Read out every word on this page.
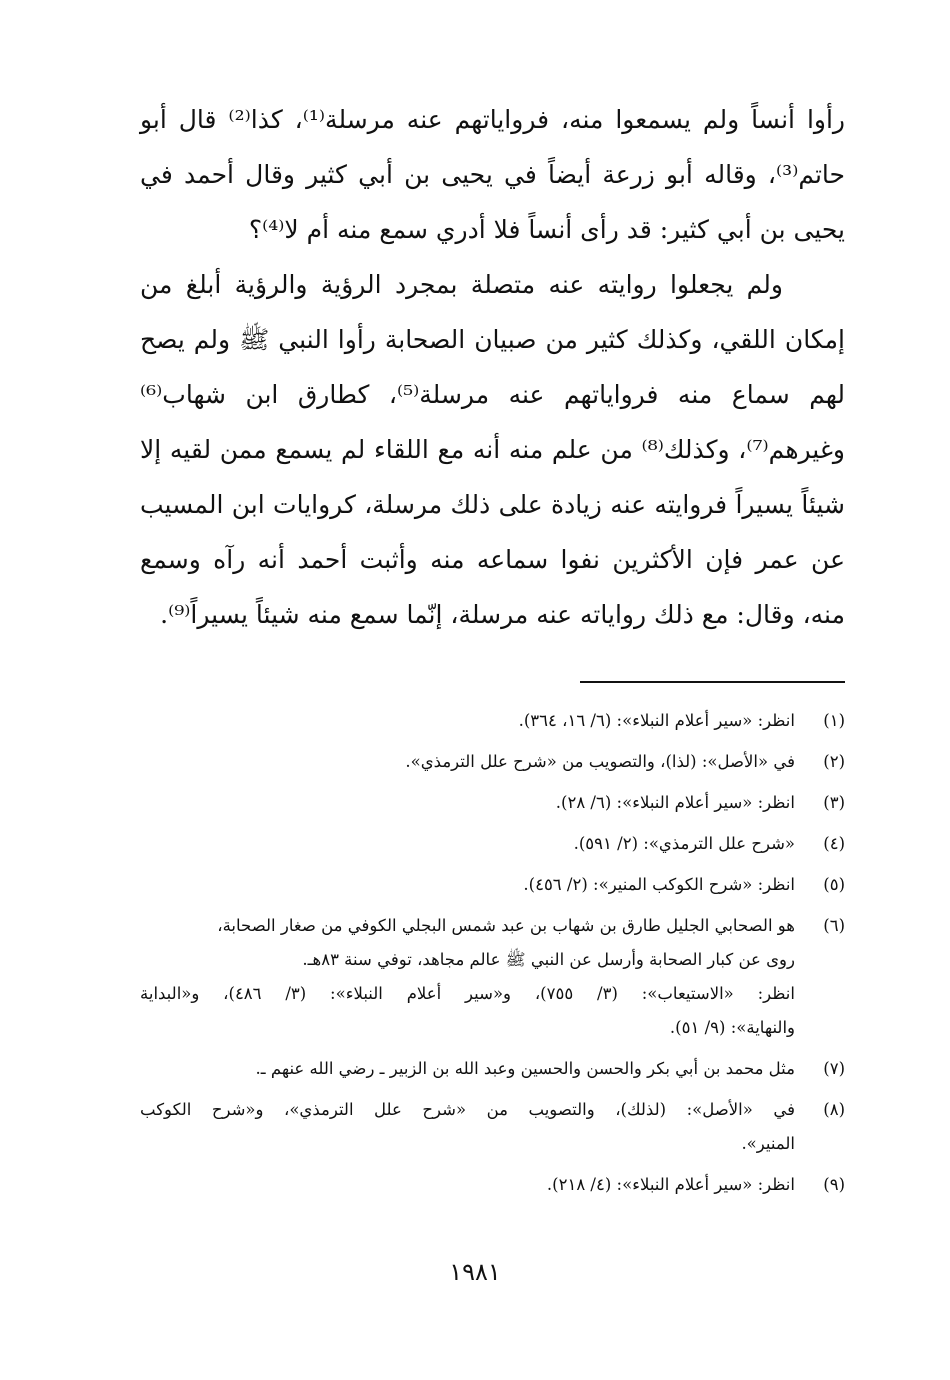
رأوا أنساً ولم يسمعوا منه، فرواياتهم عنه مرسلة⁽¹⁾، كذا⁽²⁾ قال أبو حاتم⁽³⁾، وقاله أبو زرعة أيضاً في يحيى بن أبي كثير وقال أحمد في يحيى بن أبي كثير: قد رأى أنساً فلا أدري سمع منه أم لا⁽⁴⁾؟

ولم يجعلوا روايته عنه متصلة بمجرد الرؤية والرؤية أبلغ من إمكان اللقي، وكذلك كثير من صبيان الصحابة رأوا النبي ﷺ ولم يصح لهم سماع منه فرواياتهم عنه مرسلة⁽⁵⁾، كطارق ابن شهاب⁽⁶⁾ وغيرهم⁽⁷⁾، وكذلك⁽⁸⁾ من علم منه أنه مع اللقاء لم يسمع ممن لقيه إلا شيئاً يسيراً فروايته عنه زيادة على ذلك مرسلة، كروايات ابن المسيب عن عمر فإن الأكثرين نفوا سماعه منه وأثبت أحمد أنه رآه وسمع منه، وقال: مع ذلك رواياته عنه مرسلة، إنّما سمع منه شيئاً يسيراً⁽⁹⁾.

(١)
انظر: «سير أعلام النبلاء»: (٦/ ١٦، ٣٦٤).
(٢)
في «الأصل»: (لذا)، والتصويب من «شرح علل الترمذي».
(٣)
انظر: «سير أعلام النبلاء»: (٦/ ٢٨).
(٤)
«شرح علل الترمذي»: (٢/ ٥٩١).
(٥)
انظر: «شرح الكوكب المنير»: (٢/ ٤٥٦).
(٦)
هو الصحابي الجليل طارق بن شهاب بن عبد شمس البجلي الكوفي من صغار الصحابة،
روى عن كبار الصحابة وأرسل عن النبي ﷺ عالم مجاهد، توفي سنة ٨٣هـ.
انظر: «الاستيعاب»: (٣/ ٧٥٥)، و«سير أعلام النبلاء»: (٣/ ٤٨٦)، و«البداية
والنهاية»: (٩/ ٥١).
(٧)
مثل محمد بن أبي بكر والحسن والحسين وعبد الله بن الزبير ـ رضي الله عنهم ـ.
(٨)
في «الأصل»: (لذلك)، والتصويب من «شرح علل الترمذي»، و«شرح الكوكب
المنير».
(٩)
انظر: «سير أعلام النبلاء»: (٤/ ٢١٨).
١٩٨١
